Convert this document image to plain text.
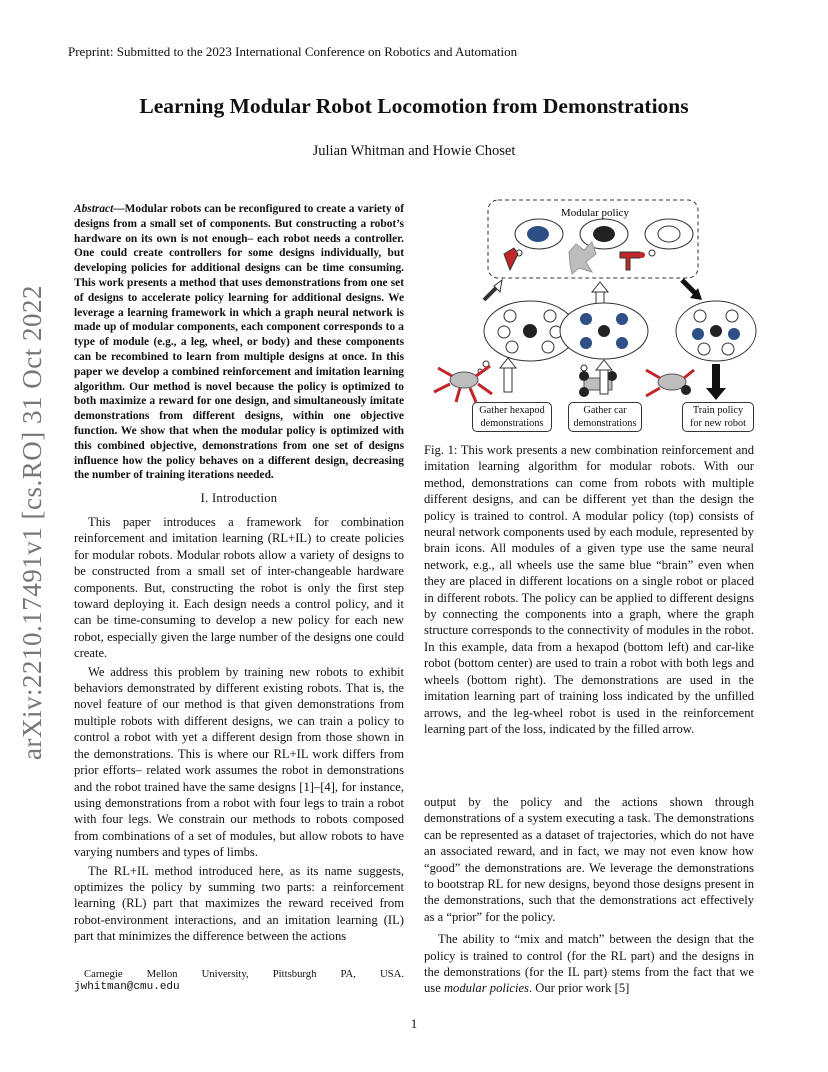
Preprint: Submitted to the 2023 International Conference on Robotics and Automation
Learning Modular Robot Locomotion from Demonstrations
Julian Whitman and Howie Choset
arXiv:2210.17491v1 [cs.RO] 31 Oct 2022
Abstract—Modular robots can be reconfigured to create a variety of designs from a small set of components. But constructing a robot’s hardware on its own is not enough– each robot needs a controller. One could create controllers for some designs individually, but developing policies for additional designs can be time consuming. This work presents a method that uses demonstrations from one set of designs to accelerate policy learning for additional designs. We leverage a learning framework in which a graph neural network is made up of modular components, each component corresponds to a type of module (e.g., a leg, wheel, or body) and these components can be recombined to learn from multiple designs at once. In this paper we develop a combined reinforcement and imitation learning algorithm. Our method is novel because the policy is optimized to both maximize a reward for one design, and simultaneously imitate demonstrations from different designs, within one objective function. We show that when the modular policy is optimized with this combined objective, demonstrations from one set of designs influence how the policy behaves on a different design, decreasing the number of training iterations needed.
I. Introduction

This paper introduces a framework for combination reinforcement and imitation learning (RL+IL) to create policies for modular robots. Modular robots allow a variety of designs to be constructed from a small set of inter-changeable hardware components. But, constructing the robot is only the first step toward deploying it. Each design needs a control policy, and it can be time-consuming to develop a new policy for each new robot, especially given the large number of the designs one could create.

We address this problem by training new robots to exhibit behaviors demonstrated by different existing robots. That is, the novel feature of our method is that given demonstrations from multiple robots with different designs, we can train a policy to control a robot with yet a different design from those shown in the demonstrations. This is where our RL+IL work differs from prior efforts– related work assumes the robot in demonstrations and the robot trained have the same designs [1]–[4], for instance, using demonstrations from a robot with four legs to train a robot with four legs. We constrain our methods to robots composed from combinations of a set of modules, but allow robots to have varying numbers and types of limbs.

The RL+IL method introduced here, as its name suggests, optimizes the policy by summing two parts: a reinforcement learning (RL) part that maximizes the reward received from robot-environment interactions, and an imitation learning (IL) part that minimizes the difference between the actions

Carnegie Mellon University, Pittsburgh PA, USA.
jwhitman@cmu.edu
Modular policy
Gather hexapod demonstrations
Gather car demonstrations
Train policy for new robot
Fig. 1: This work presents a new combination reinforcement and imitation learning algorithm for modular robots. With our method, demonstrations can come from robots with multiple different designs, and can be different yet than the design the policy is trained to control. A modular policy (top) consists of neural network components used by each module, represented by brain icons. All modules of a given type use the same neural network, e.g., all wheels use the same blue “brain” even when they are placed in different locations on a single robot or placed in different robots. The policy can be applied to different designs by connecting the components into a graph, where the graph structure corresponds to the connectivity of modules in the robot. In this example, data from a hexapod (bottom left) and car-like robot (bottom center) are used to train a robot with both legs and wheels (bottom right). The demonstrations are used in the imitation learning part of training loss indicated by the unfilled arrows, and the leg-wheel robot is used in the reinforcement learning part of the loss, indicated by the filled arrow.

output by the policy and the actions shown through demonstrations of a system executing a task. The demonstrations can be represented as a dataset of trajectories, which do not have an associated reward, and in fact, we may not even know how “good” the demonstrations are. We leverage the demonstrations to bootstrap RL for new designs, beyond those designs present in the demonstrations, such that the demonstrations act effectively as a “prior” for the policy.

The ability to “mix and match” between the design that the policy is trained to control (for the RL part) and the designs in the demonstrations (for the IL part) stems from the fact that we use modular policies. Our prior work [5]

1
